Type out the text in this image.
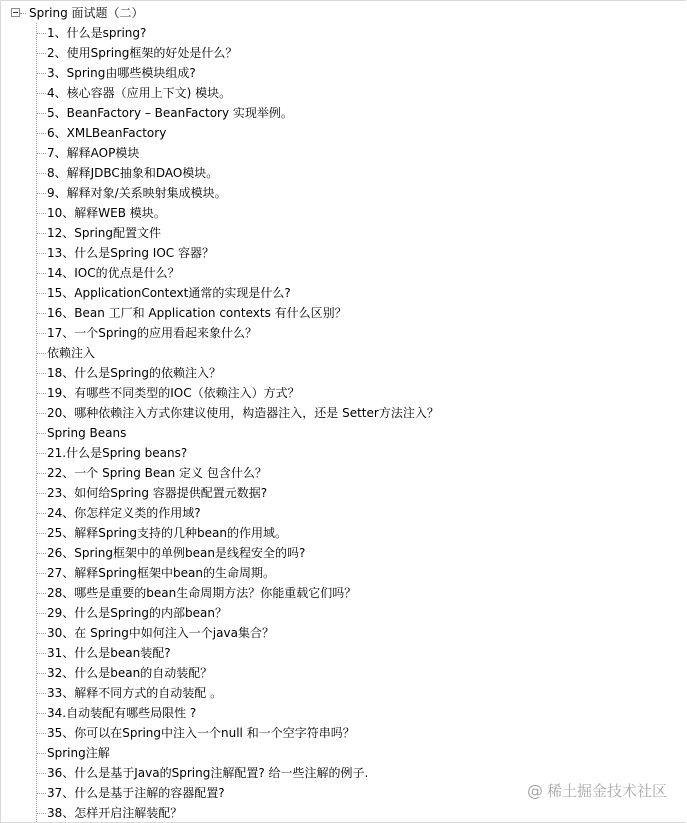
Spring 面试题（二）
1、什么是spring?
2、使用Spring框架的好处是什么？
3、Spring由哪些模块组成?
4、核心容器（应用上下文) 模块。
5、BeanFactory – BeanFactory 实现举例。
6、XMLBeanFactory
7、解释AOP模块
8、解释JDBC抽象和DAO模块。
9、解释对象/关系映射集成模块。
10、解释WEB 模块。
12、Spring配置文件
13、什么是Spring IOC 容器？
14、IOC的优点是什么？
15、ApplicationContext通常的实现是什么?
16、Bean 工厂和 Application contexts 有什么区别？
17、一个Spring的应用看起来象什么？
依赖注入
18、什么是Spring的依赖注入？
19、有哪些不同类型的IOC（依赖注入）方式？
20、哪种依赖注入方式你建议使用，构造器注入，还是 Setter方法注入？
Spring Beans
21.什么是Spring beans?
22、一个 Spring Bean 定义 包含什么？
23、如何给Spring 容器提供配置元数据?
24、你怎样定义类的作用域?
25、解释Spring支持的几种bean的作用域。
26、Spring框架中的单例bean是线程安全的吗?
27、解释Spring框架中bean的生命周期。
28、哪些是重要的bean生命周期方法？你能重载它们吗？
29、什么是Spring的内部bean？
30、在 Spring中如何注入一个java集合？
31、什么是bean装配?
32、什么是bean的自动装配？
33、解释不同方式的自动装配 。
34.自动装配有哪些局限性 ?
35、你可以在Spring中注入一个null 和一个空字符串吗？
Spring注解
36、什么是基于Java的Spring注解配置? 给一些注解的例子.
37、什么是基于注解的容器配置?
38、怎样开启注解装配？
@ 稀土掘金技术社区
